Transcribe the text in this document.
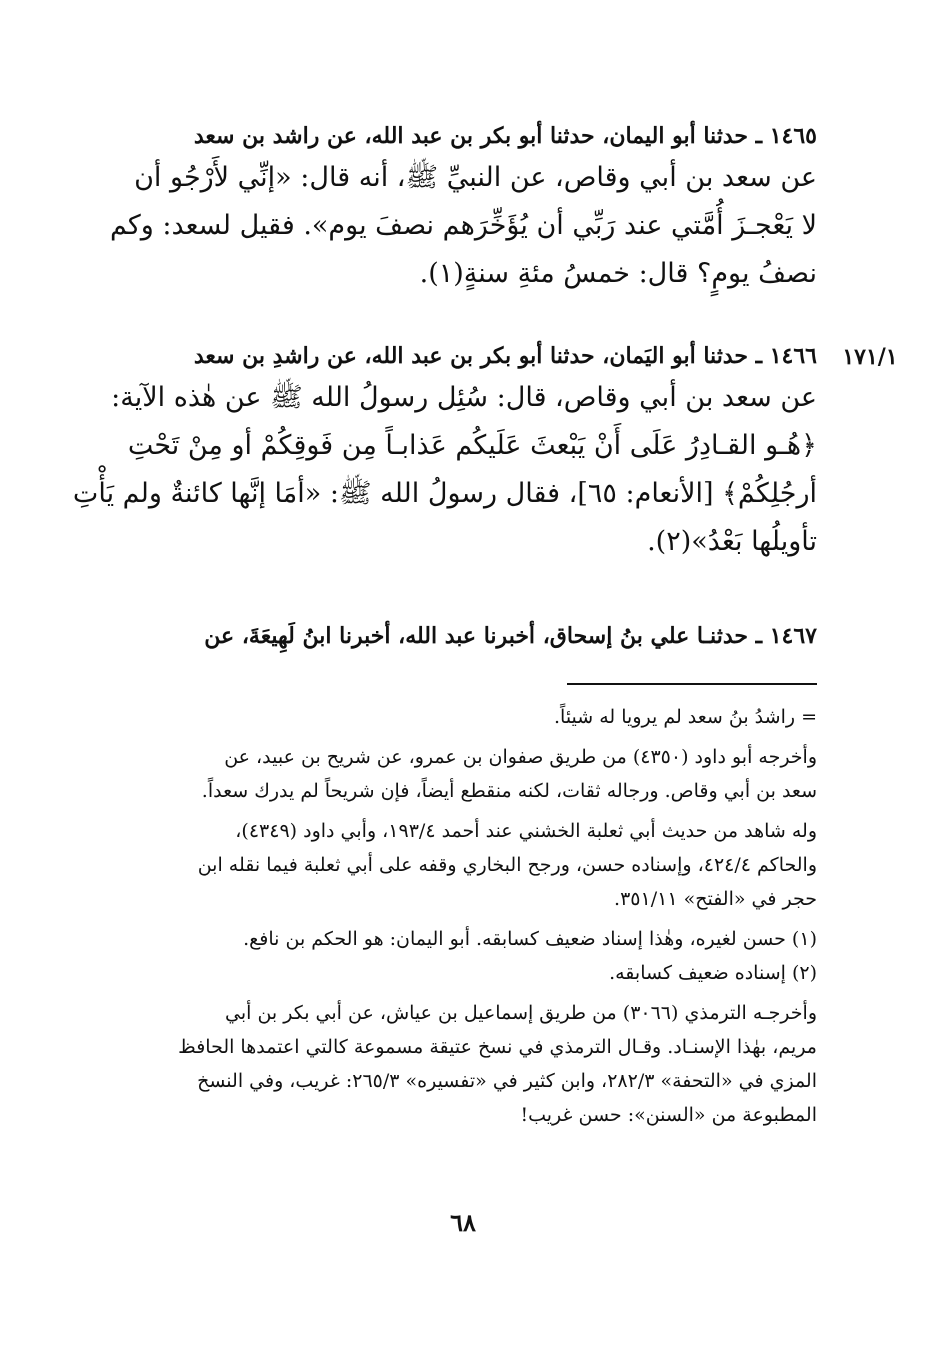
١٧١/١
١٤٦٥ ـ حدثنا أبو اليمان، حدثنا أبو بكر بن عبد الله، عن راشد بن سعد
عن سعد بن أبي وقاص، عن النبيِّ ﷺ، أنه قال: «إنِّي لأَرْجُو أن
لا يَعْجـزَ أُمَّتي عند رَبِّي أن يُؤَخِّرَهم نصفَ يوم». فقيل لسعد: وكم
نصفُ يومٍ؟ قال: خمسُ مئةِ سنةٍ(١).
١٤٦٦ ـ حدثنا أبو اليَمان، حدثنا أبو بكر بن عبد الله، عن راشدِ بن سعد
عن سعد بن أبي وقاص، قال: سُئِل رسولُ الله ﷺ عن هٰذه الآية:
﴿هُـو القـادِرُ عَلَى أَنْ يَبْعثَ عَلَيكُم عَذابـاً مِن فَوقِكُمْ أو مِنْ تَحْتِ
أرجُلِكُمْ﴾ [الأنعام: ٦٥]، فقال رسولُ الله ﷺ: «أمَا إنَّها كائنةٌ ولم يَأْتِ
تأويلُها بَعْدُ»(٢).
١٤٦٧ ـ حدثنـا علي بنُ إسحاق، أخبرنا عبد الله، أخبرنا ابنُ لَهِيعَةَ، عن
= راشدُ بنُ سعد لم يرويا له شيئاً.
وأخرجه أبو داود (٤٣٥٠) من طريق صفوان بن عمرو، عن شريح بن عبيد، عن
سعد بن أبي وقاص. ورجاله ثقات، لكنه منقطع أيضاً، فإن شريحاً لم يدرك سعداً.
وله شاهد من حديث أبي ثعلبة الخشني عند أحمد ١٩٣/٤، وأبي داود (٤٣٤٩)،
والحاكم ٤٢٤/٤، وإسناده حسن، ورجح البخاري وقفه على أبي ثعلبة فيما نقله ابن
حجر في «الفتح» ٣٥١/١١.
(١) حسن لغيره، وهٰذا إسناد ضعيف كسابقه. أبو اليمان: هو الحكم بن نافع.
(٢) إسناده ضعيف كسابقه.
وأخرجـه الترمذي (٣٠٦٦) من طريق إسماعيل بن عياش، عن أبي بكر بن أبي
مريم، بهٰذا الإسنـاد. وقـال الترمذي في نسخ عتيقة مسموعة كالتي اعتمدها الحافظ
المزي في «التحفة» ٢٨٢/٣، وابن كثير في «تفسيره» ٢٦٥/٣: غريب، وفي النسخ
المطبوعة من «السنن»: حسن غريب!
٦٨
